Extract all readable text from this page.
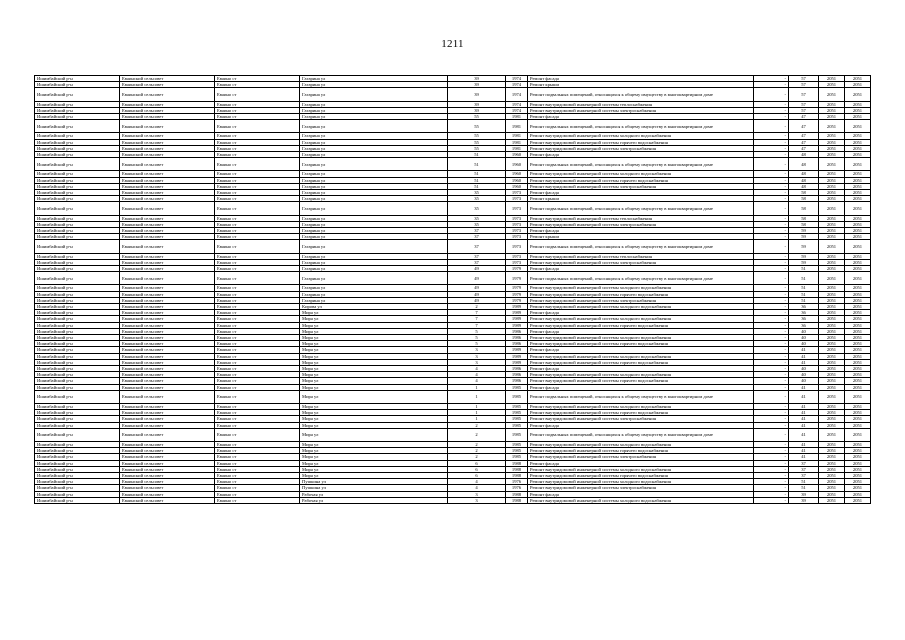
1211
Ишимбайский р-н	Еваинский сельсовет	Еваино ст	Гагарина ул	39	1974	Ремонт фасада	-	57	2051	2051
Ишимбайский р-н	Еваинский сельсовет	Еваино ст	Гагарина ул	39	1974	Ремонт крыши	-	57	2051	2051
Ишимбайский р-н	Еваинский сельсовет	Еваино ст	Гагарина ул	39	1974	Ремонт подвальных помещений, относящихся к общему имуществу в многоквартирном доме	-	57	2051	2051
Ишимбайский р-н	Еваинский сельсовет	Еваино ст	Гагарина ул	39	1974	Ремонт внутридомовой инженерной системы теплоснабжения	-	57	2051	2051
Ишимбайский р-н	Еваинский сельсовет	Еваино ст	Гагарина ул	39	1974	Ремонт внутридомовой инженерной системы электроснабжения	-	57	2051	2051
Ишимбайский р-н	Еваинский сельсовет	Еваино ст	Гагарина ул	55	1981	Ремонт фасада	-	47	2051	2051
Ишимбайский р-н	Еваинский сельсовет	Еваино ст	Гагарина ул	55	1981	Ремонт подвальных помещений, относящихся к общему имуществу в многоквартирном доме	-	47	2051	2051
Ишимбайский р-н	Еваинский сельсовет	Еваино ст	Гагарина ул	55	1981	Ремонт внутридомовой инженерной системы холодного водоснабжения	-	47	2051	2051
Ишимбайский р-н	Еваинский сельсовет	Еваино ст	Гагарина ул	55	1981	Ремонт внутридомовой инженерной системы горячего водоснабжения	-	47	2051	2051
Ишимбайский р-н	Еваинский сельсовет	Еваино ст	Гагарина ул	55	1981	Ремонт внутридомовой инженерной системы электроснабжения	-	47	2051	2051
Ишимбайский р-н	Еваинский сельсовет	Еваино ст	Гагарина ул	51	1960	Ремонт фасада	-	48	2051	2051
Ишимбайский р-н	Еваинский сельсовет	Еваино ст	Гагарина ул	51	1960	Ремонт подвальных помещений, относящихся к общему имуществу в многоквартирном доме	-	48	2051	2051
Ишимбайский р-н	Еваинский сельсовет	Еваино ст	Гагарина ул	51	1960	Ремонт внутридомовой инженерной системы холодного водоснабжения	-	48	2051	2051
Ишимбайский р-н	Еваинский сельсовет	Еваино ст	Гагарина ул	51	1960	Ремонт внутридомовой инженерной системы горячего водоснабжения	-	48	2051	2051
Ишимбайский р-н	Еваинский сельсовет	Еваино ст	Гагарина ул	51	1960	Ремонт внутридомовой инженерной системы электроснабжения	-	48	2051	2051
Ишимбайский р-н	Еваинский сельсовет	Еваино ст	Гагарина ул	35	1973	Ремонт фасада	-	58	2051	2051
Ишимбайский р-н	Еваинский сельсовет	Еваино ст	Гагарина ул	35	1973	Ремонт крыши	-	58	2051	2051
Ишимбайский р-н	Еваинский сельсовет	Еваино ст	Гагарина ул	35	1973	Ремонт подвальных помещений, относящихся к общему имуществу в многоквартирном доме	-	58	2051	2051
Ишимбайский р-н	Еваинский сельсовет	Еваино ст	Гагарина ул	35	1973	Ремонт внутридомовой инженерной системы теплоснабжения	-	58	2051	2051
Ишимбайский р-н	Еваинский сельсовет	Еваино ст	Гагарина ул	35	1973	Ремонт внутридомовой инженерной системы электроснабжения	-	58	2051	2051
Ишимбайский р-н	Еваинский сельсовет	Еваино ст	Гагарина ул	37	1973	Ремонт фасада	-	59	2051	2051
Ишимбайский р-н	Еваинский сельсовет	Еваино ст	Гагарина ул	37	1973	Ремонт крыши	-	59	2051	2051
Ишимбайский р-н	Еваинский сельсовет	Еваино ст	Гагарина ул	37	1973	Ремонт подвальных помещений, относящихся к общему имуществу в многоквартирном доме	-	59	2051	2051
Ишимбайский р-н	Еваинский сельсовет	Еваино ст	Гагарина ул	37	1973	Ремонт внутридомовой инженерной системы теплоснабжения	-	59	2051	2051
Ишимбайский р-н	Еваинский сельсовет	Еваино ст	Гагарина ул	37	1973	Ремонт внутридомовой инженерной системы электроснабжения	-	59	2051	2051
Ишимбайский р-н	Еваинский сельсовет	Еваино ст	Гагарина ул	49	1979	Ремонт фасада	-	51	2051	2051
Ишимбайский р-н	Еваинский сельсовет	Еваино ст	Гагарина ул	49	1979	Ремонт подвальных помещений, относящихся к общему имуществу в многоквартирном доме	-	51	2051	2051
Ишимбайский р-н	Еваинский сельсовет	Еваино ст	Гагарина ул	49	1979	Ремонт внутридомовой инженерной системы холодного водоснабжения	-	51	2051	2051
Ишимбайский р-н	Еваинский сельсовет	Еваино ст	Гагарина ул	49	1979	Ремонт внутридомовой инженерной системы горячего водоснабжения	-	51	2051	2051
Ишимбайский р-н	Еваинский сельсовет	Еваино ст	Гагарина ул	49	1979	Ремонт внутридомовой инженерной системы электроснабжения	-	51	2051	2051
Ишимбайский р-н	Еваинский сельсовет	Еваино ст	Кирова ул	2	1989	Ремонт внутридомовой инженерной системы холодного водоснабжения	-	36	2051	2051
Ишимбайский р-н	Еваинский сельсовет	Еваино ст	Мира ул	7	1989	Ремонт фасада	-	36	2051	2051
Ишимбайский р-н	Еваинский сельсовет	Еваино ст	Мира ул	7	1989	Ремонт внутридомовой инженерной системы холодного водоснабжения	-	36	2051	2051
Ишимбайский р-н	Еваинский сельсовет	Еваино ст	Мира ул	7	1989	Ремонт внутридомовой инженерной системы горячего водоснабжения	-	36	2051	2051
Ишимбайский р-н	Еваинский сельсовет	Еваино ст	Мира ул	5	1986	Ремонт фасада	-	40	2051	2051
Ишимбайский р-н	Еваинский сельсовет	Еваино ст	Мира ул	5	1986	Ремонт внутридомовой инженерной системы холодного водоснабжения	-	40	2051	2051
Ишимбайский р-н	Еваинский сельсовет	Еваино ст	Мира ул	5	1986	Ремонт внутридомовой инженерной системы горячего водоснабжения	-	40	2051	2051
Ишимбайский р-н	Еваинский сельсовет	Еваино ст	Мира ул	3	1989	Ремонт фасада	-	41	2051	2051
Ишимбайский р-н	Еваинский сельсовет	Еваино ст	Мира ул	3	1989	Ремонт внутридомовой инженерной системы холодного водоснабжения	-	41	2051	2051
Ишимбайский р-н	Еваинский сельсовет	Еваино ст	Мира ул	3	1989	Ремонт внутридомовой инженерной системы горячего водоснабжения	-	41	2051	2051
Ишимбайский р-н	Еваинский сельсовет	Еваино ст	Мира ул	4	1986	Ремонт фасада	-	40	2051	2051
Ишимбайский р-н	Еваинский сельсовет	Еваино ст	Мира ул	4	1986	Ремонт внутридомовой инженерной системы холодного водоснабжения	-	40	2051	2051
Ишимбайский р-н	Еваинский сельсовет	Еваино ст	Мира ул	4	1986	Ремонт внутридомовой инженерной системы горячего водоснабжения	-	40	2051	2051
Ишимбайский р-н	Еваинский сельсовет	Еваино ст	Мира ул	1	1985	Ремонт фасада	-	41	2051	2051
Ишимбайский р-н	Еваинский сельсовет	Еваино ст	Мира ул	1	1985	Ремонт подвальных помещений, относящихся к общему имуществу в многоквартирном доме	-	41	2051	2051
Ишимбайский р-н	Еваинский сельсовет	Еваино ст	Мира ул	1	1985	Ремонт внутридомовой инженерной системы холодного водоснабжения	-	41	2051	2051
Ишимбайский р-н	Еваинский сельсовет	Еваино ст	Мира ул	1	1985	Ремонт внутридомовой инженерной системы горячего водоснабжения	-	41	2051	2051
Ишимбайский р-н	Еваинский сельсовет	Еваино ст	Мира ул	1	1985	Ремонт внутридомовой инженерной системы электроснабжения	-	41	2051	2051
Ишимбайский р-н	Еваинский сельсовет	Еваино ст	Мира ул	2	1985	Ремонт фасада	-	41	2051	2051
Ишимбайский р-н	Еваинский сельсовет	Еваино ст	Мира ул	2	1985	Ремонт подвальных помещений, относящихся к общему имуществу в многоквартирном доме	-	41	2051	2051
Ишимбайский р-н	Еваинский сельсовет	Еваино ст	Мира ул	2	1985	Ремонт внутридомовой инженерной системы холодного водоснабжения	-	41	2051	2051
Ишимбайский р-н	Еваинский сельсовет	Еваино ст	Мира ул	2	1985	Ремонт внутридомовой инженерной системы горячего водоснабжения	-	41	2051	2051
Ишимбайский р-н	Еваинский сельсовет	Еваино ст	Мира ул	2	1985	Ремонт внутридомовой инженерной системы электроснабжения	-	41	2051	2051
Ишимбайский р-н	Еваинский сельсовет	Еваино ст	Мира ул	6	1988	Ремонт фасада	-	37	2051	2051
Ишимбайский р-н	Еваинский сельсовет	Еваино ст	Мира ул	6	1988	Ремонт внутридомовой инженерной системы холодного водоснабжения	-	37	2051	2051
Ишимбайский р-н	Еваинский сельсовет	Еваино ст	Мира ул	6	1988	Ремонт внутридомовой инженерной системы горячего водоснабжения	-	37	2051	2051
Ишимбайский р-н	Еваинский сельсовет	Еваино ст	Пушкина ул	4	1976	Ремонт внутридомовой инженерной системы холодного водоснабжения	-	51	2051	2051
Ишимбайский р-н	Еваинский сельсовет	Еваино ст	Пушкина ул	4	1976	Ремонт внутридомовой инженерной системы электроснабжения	-	51	2051	2051
Ишимбайский р-н	Еваинский сельсовет	Еваино ст	Рабочая ул	3	1988	Ремонт фасада	-	39	2051	2051
Ишимбайский р-н	Еваинский сельсовет	Еваино ст	Рабочая ул	3	1988	Ремонт внутридомовой инженерной системы холодного водоснабжения	-	39	2051	2051
